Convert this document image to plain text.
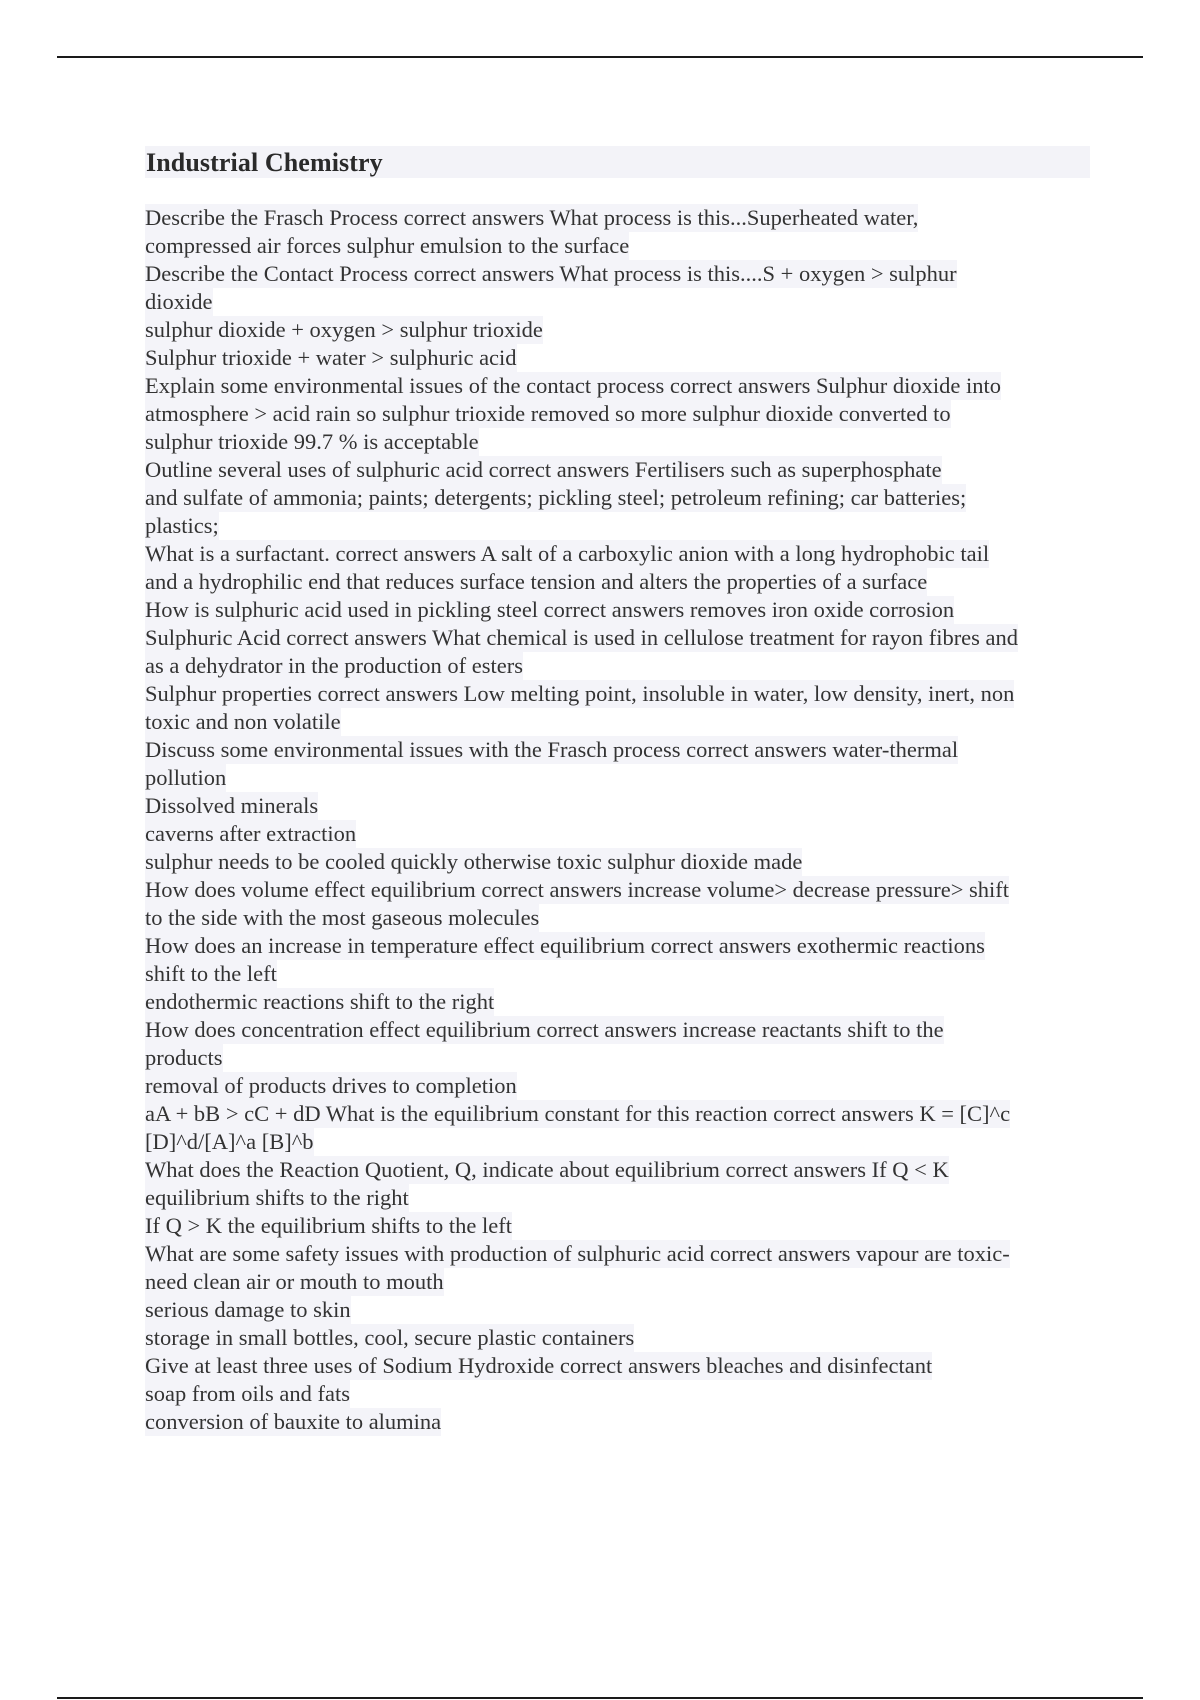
Industrial Chemistry
Describe the Frasch Process correct answers What process is this...Superheated water,
compressed air forces sulphur emulsion to the surface
Describe the Contact Process correct answers What process is this....S + oxygen > sulphur
dioxide
sulphur dioxide + oxygen > sulphur trioxide
Sulphur trioxide + water > sulphuric acid
Explain some environmental issues of the contact process correct answers Sulphur dioxide into
atmosphere > acid rain so sulphur trioxide removed so more sulphur dioxide converted to
sulphur trioxide 99.7 % is acceptable
Outline several uses of sulphuric acid correct answers Fertilisers such as superphosphate
and sulfate of ammonia; paints; detergents; pickling steel; petroleum refining; car batteries;
plastics;
What is a surfactant. correct answers A salt of a carboxylic anion with a long hydrophobic tail
and a hydrophilic end that reduces surface tension and alters the properties of a surface
How is sulphuric acid used in pickling steel correct answers removes iron oxide corrosion
Sulphuric Acid correct answers What chemical is used in cellulose treatment for rayon fibres and
as a dehydrator in the production of esters
Sulphur properties correct answers Low melting point, insoluble in water, low density, inert, non
toxic and non volatile
Discuss some environmental issues with the Frasch process correct answers water-thermal
pollution
Dissolved minerals
caverns after extraction
sulphur needs to be cooled quickly otherwise toxic sulphur dioxide made
How does volume effect equilibrium correct answers increase volume> decrease pressure> shift
to the side with the most gaseous molecules
How does an increase in temperature effect equilibrium correct answers exothermic reactions
shift to the left
endothermic reactions shift to the right
How does concentration effect equilibrium correct answers increase reactants shift to the
products
removal of products drives to completion
aA + bB > cC + dD What is the equilibrium constant for this reaction correct answers K = [C]^c
[D]^d/[A]^a [B]^b
What does the Reaction Quotient, Q, indicate about equilibrium correct answers If Q < K
equilibrium shifts to the right
If Q > K the equilibrium shifts to the left
What are some safety issues with production of sulphuric acid correct answers vapour are toxic-
need clean air or mouth to mouth
serious damage to skin
storage in small bottles, cool, secure plastic containers
Give at least three uses of Sodium Hydroxide correct answers bleaches and disinfectant
soap from oils and fats
conversion of bauxite to alumina
